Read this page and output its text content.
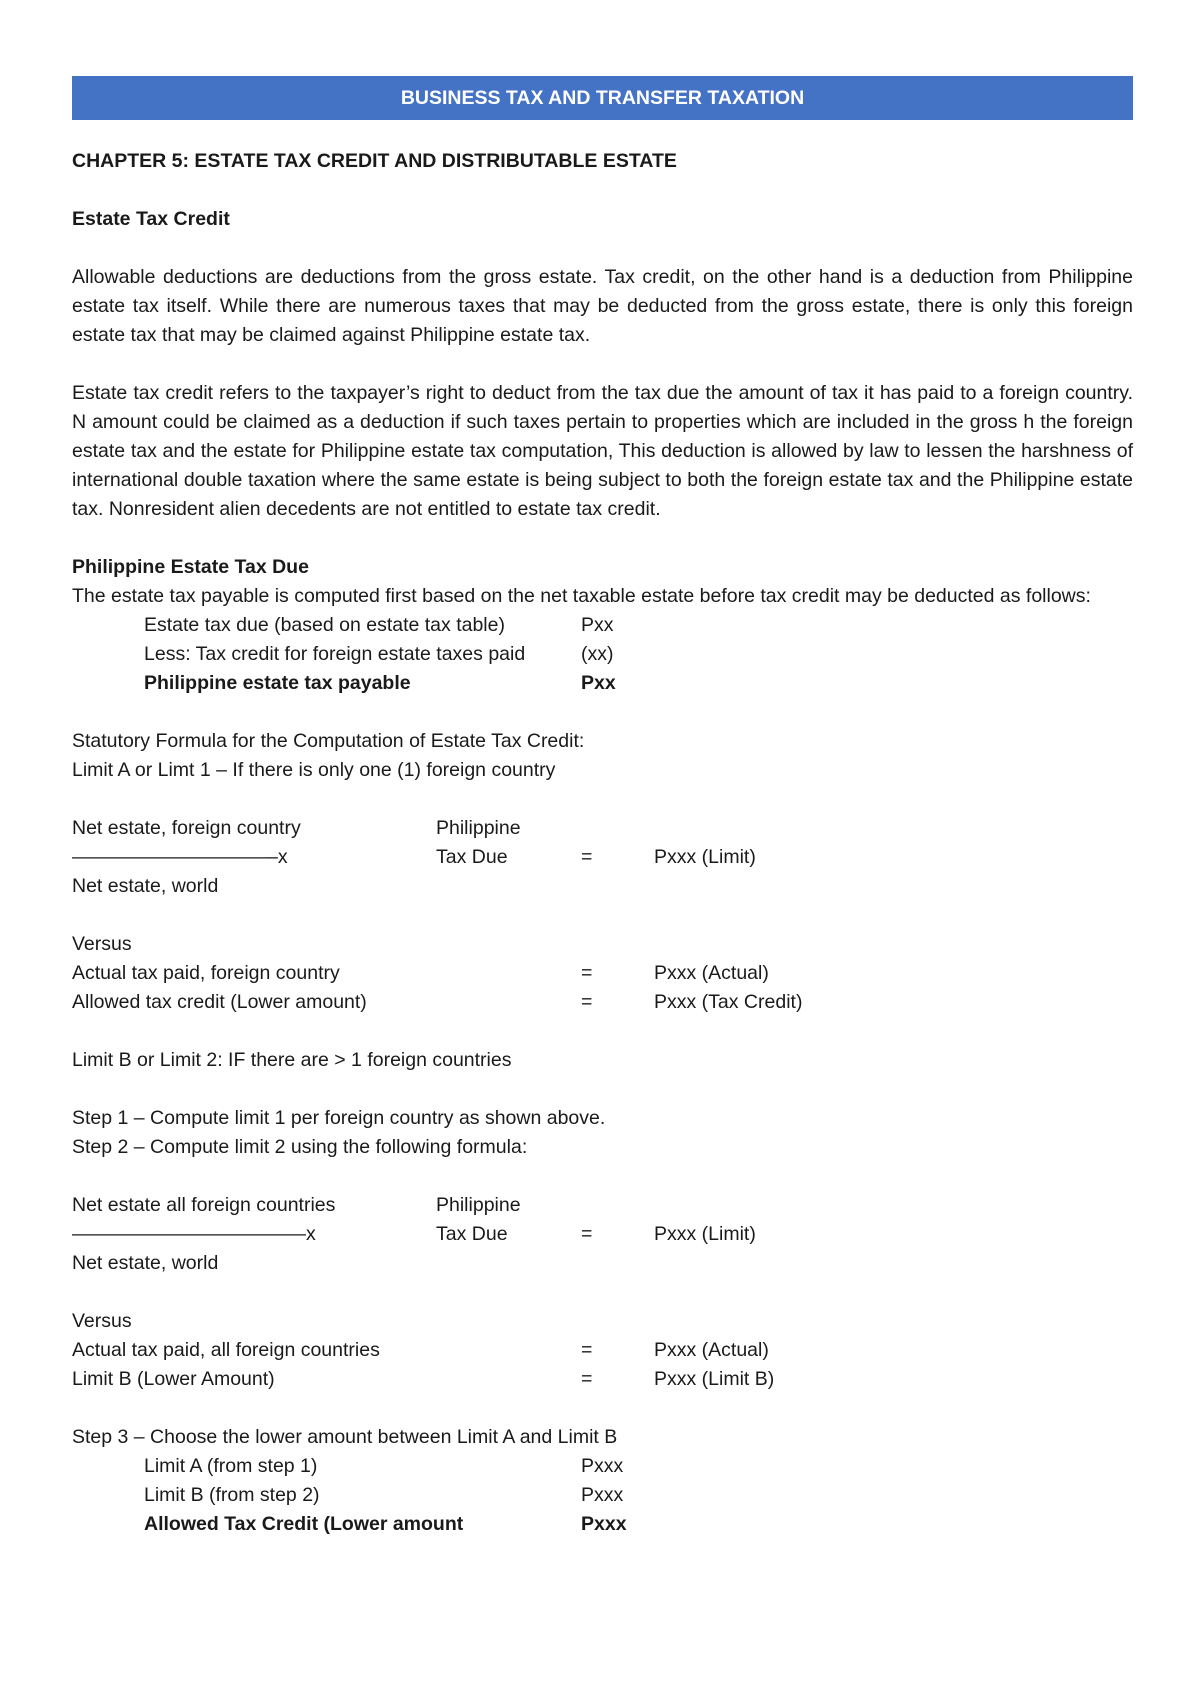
BUSINESS TAX AND TRANSFER TAXATION
CHAPTER 5: ESTATE TAX CREDIT AND DISTRIBUTABLE ESTATE
Estate Tax Credit
Allowable deductions are deductions from the gross estate. Tax credit, on the other hand is a deduction from Philippine estate tax itself. While there are numerous taxes that may be deducted from the gross estate, there is only this foreign estate tax that may be claimed against Philippine estate tax.
Estate tax credit refers to the taxpayer’s right to deduct from the tax due the amount of tax it has paid to a foreign country. N amount could be claimed as a deduction if such taxes pertain to properties which are included in the gross h the foreign estate tax and the estate for Philippine estate tax computation, This deduction is allowed by law to lessen the harshness of international double taxation where the same estate is being subject to both the foreign estate tax and the Philippine estate tax. Nonresident alien decedents are not entitled to estate tax credit.
Philippine Estate Tax Due
The estate tax payable is computed first based on the net taxable estate before tax credit may be deducted as follows:
Estate tax due (based on estate tax table)	Pxx
Less: Tax credit for foreign estate taxes paid	(xx)
Philippine estate tax payable	Pxx
Statutory Formula for the Computation of Estate Tax Credit:
Limit A or Limt 1 – If there is only one (1) foreign country
Net estate, foreign country	Philippine
——————————–x	Tax Due	=	Pxxx (Limit)
Net estate, world
Versus
Actual tax paid, foreign country	=	Pxxx (Actual)
Allowed tax credit (Lower amount)	=	Pxxx (Tax Credit)
Limit B or Limit 2: IF there are > 1 foreign countries
Step 1 – Compute limit 1 per foreign country as shown above.
Step 2 – Compute limit 2 using the following formula:
Net estate all foreign countries	Philippine
————————————x	Tax Due	=	Pxxx (Limit)
Net estate, world
Versus
Actual tax paid, all foreign countries	=	Pxxx (Actual)
Limit B (Lower Amount)	=	Pxxx (Limit B)
Step 3 – Choose the lower amount between Limit A and Limit B
Limit A (from step 1)	Pxxx
Limit B (from step 2)	Pxxx
Allowed Tax Credit (Lower amount	Pxxx
